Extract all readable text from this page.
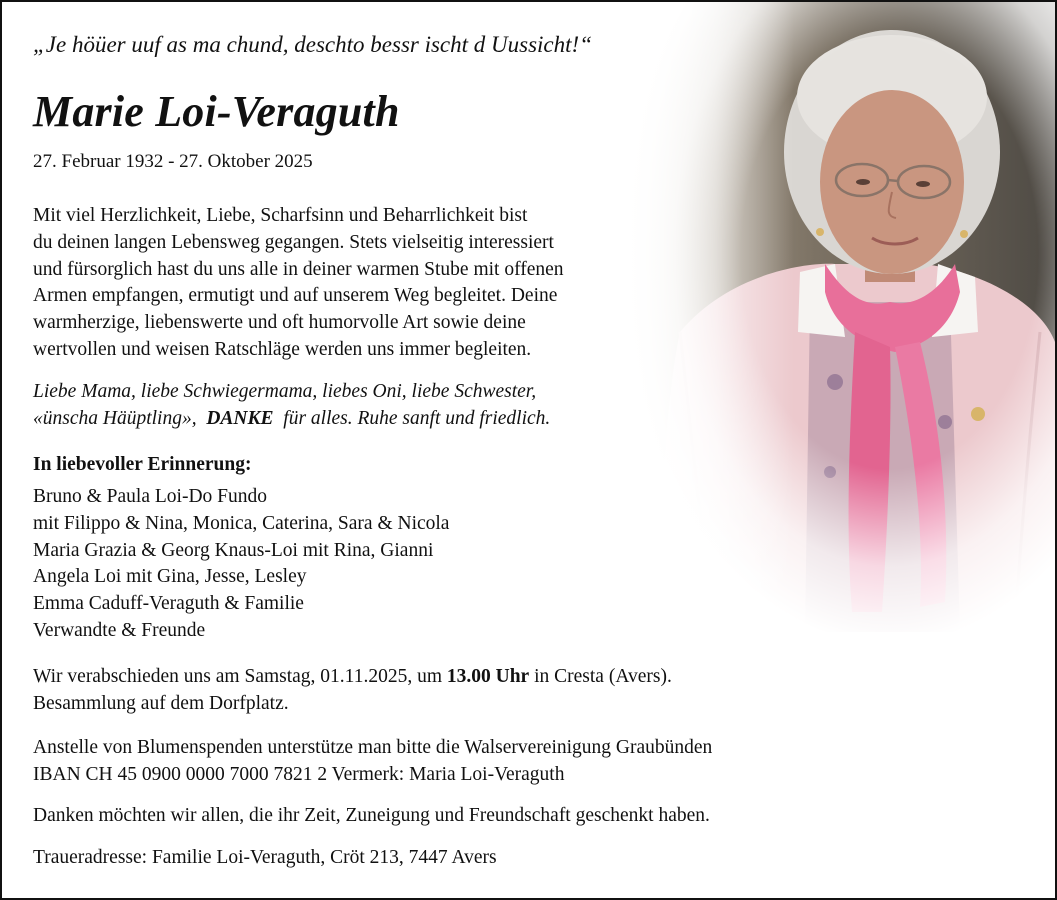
„Je höüer uuf as ma chund, deschto bessr ischt d Uussicht!“
Marie Loi-Veraguth
27. Februar 1932 - 27. Oktober 2025
Mit viel Herzlichkeit, Liebe, Scharfsinn und Beharrlichkeit bist
du deinen langen Lebensweg gegangen. Stets vielseitig interessiert
und fürsorglich hast du uns alle in deiner warmen Stube mit offenen
Armen empfangen, ermutigt und auf unserem Weg begleitet. Deine
warmherzige, liebenswerte und oft humorvolle Art sowie deine
wertvollen und weisen Ratschläge werden uns immer begleiten.
Liebe Mama, liebe Schwiegermama, liebes Oni, liebe Schwester,
«ünscha Häüptling», DANKE für alles. Ruhe sanft und friedlich.
In liebevoller Erinnerung:
Bruno & Paula Loi-Do Fundo
mit Filippo & Nina, Monica, Caterina, Sara & Nicola
Maria Grazia & Georg Knaus-Loi mit Rina, Gianni
Angela Loi mit Gina, Jesse, Lesley
Emma Caduff-Veraguth & Familie
Verwandte & Freunde
Wir verabschieden uns am Samstag, 01.11.2025, um 13.00 Uhr in Cresta (Avers).
Besammlung auf dem Dorfplatz.
Anstelle von Blumenspenden unterstütze man bitte die Walservereinigung Graubünden
IBAN CH 45 0900 0000 7000 7821 2 Vermerk: Maria Loi-Veraguth
Danken möchten wir allen, die ihr Zeit, Zuneigung und Freundschaft geschenkt haben.
Traueradresse: Familie Loi-Veraguth, Cröt 213, 7447 Avers
